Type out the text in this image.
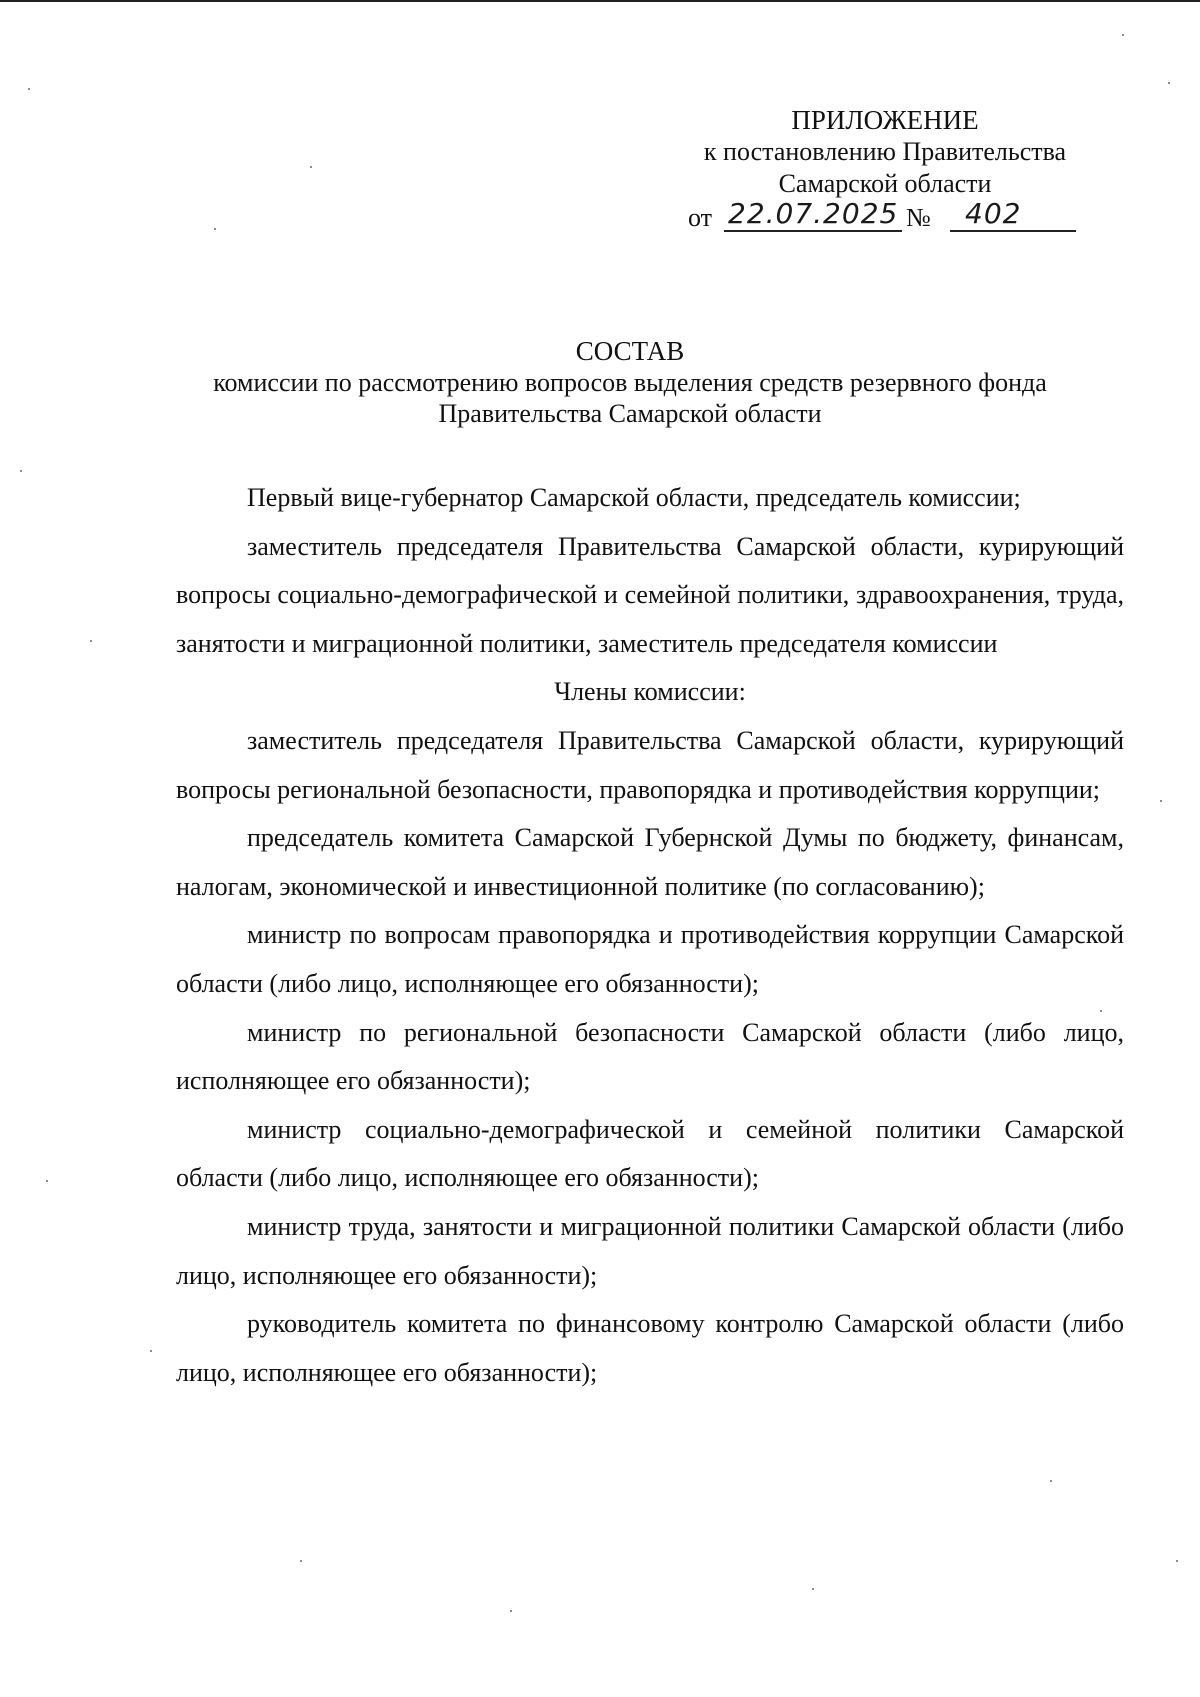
ПРИЛОЖЕНИЕ
к постановлению Правительства
Самарской области
от 22.07.2025 № 402
СОСТАВ
комиссии по рассмотрению вопросов выделения средств резервного фонда
Правительства Самарской области

Первый вице-губернатор Самарской области, председатель комиссии;

заместитель председателя Правительства Самарской области, курирующий вопросы социально-демографической и семейной политики, здравоохранения, труда, занятости и миграционной политики, заместитель председателя комиссии

Члены комиссии:

заместитель председателя Правительства Самарской области, курирующий вопросы региональной безопасности, правопорядка и противодействия коррупции;

председатель комитета Самарской Губернской Думы по бюджету, финансам, налогам, экономической и инвестиционной политике (по согласованию);

министр по вопросам правопорядка и противодействия коррупции Самарской области (либо лицо, исполняющее его обязанности);

министр по региональной безопасности Самарской области (либо лицо, исполняющее его обязанности);

министр социально-демографической и семейной политики Самарской области (либо лицо, исполняющее его обязанности);

министр труда, занятости и миграционной политики Самарской области (либо лицо, исполняющее его обязанности);

руководитель комитета по финансовому контролю Самарской области (либо лицо, исполняющее его обязанности);
